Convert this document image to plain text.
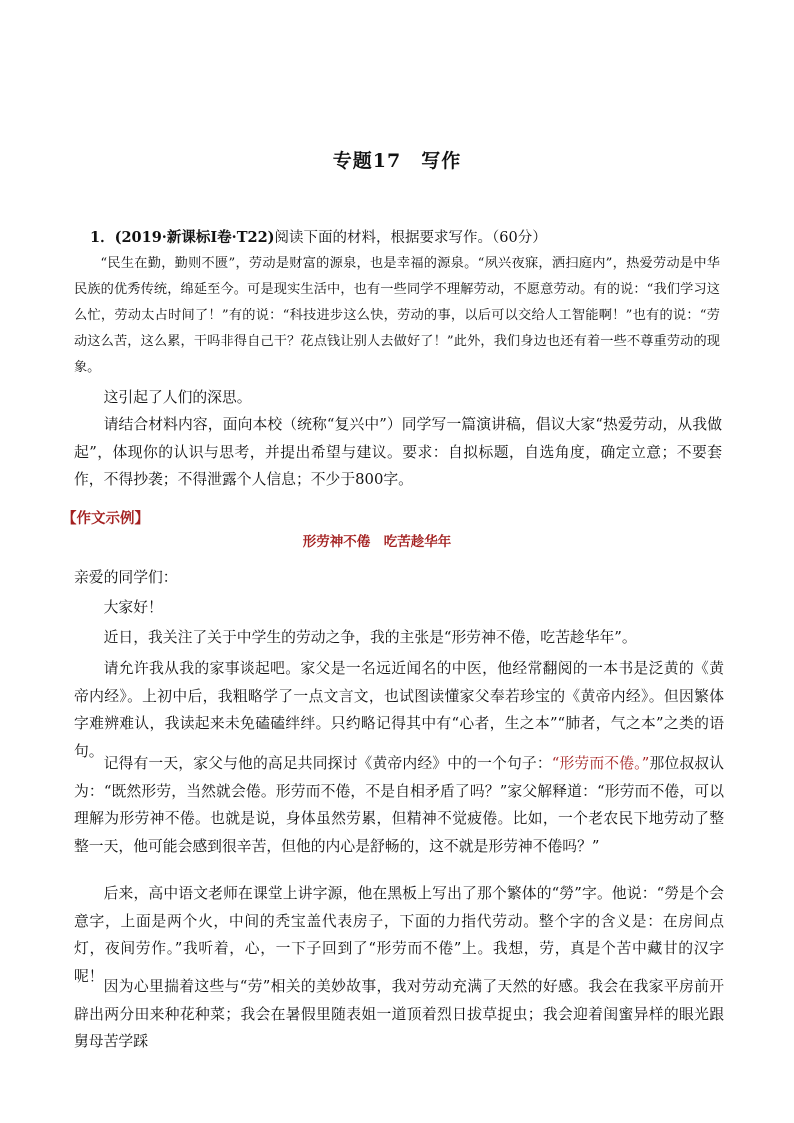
专题17　写作
1．(2019·新课标I卷·T22)阅读下面的材料，根据要求写作。（60分）
“民生在勤，勤则不匮”，劳动是财富的源泉，也是幸福的源泉。“夙兴夜寐，洒扫庭内”，热爱劳动是中华民族的优秀传统，绵延至今。可是现实生活中，也有一些同学不理解劳动，不愿意劳动。有的说：“我们学习这么忙，劳动太占时间了！”有的说：“科技进步这么快，劳动的事，以后可以交给人工智能啊！”也有的说：“劳动这么苦，这么累，干吗非得自己干？花点钱让别人去做好了！”此外，我们身边也还有着一些不尊重劳动的现象。
这引起了人们的深思。
请结合材料内容，面向本校（统称“复兴中”）同学写一篇演讲稿，倡议大家“热爱劳动，从我做起”，体现你的认识与思考，并提出希望与建议。要求：自拟标题，自选角度，确定立意；不要套作，不得抄袭；不得泄露个人信息；不少于800字。
【作文示例】
形劳神不倦　吃苦趁华年
亲爱的同学们：
大家好！
近日，我关注了关于中学生的劳动之争，我的主张是“形劳神不倦，吃苦趁华年”。
请允许我从我的家事谈起吧。家父是一名远近闻名的中医，他经常翻阅的一本书是泛黄的《黄帝内经》。上初中后，我粗略学了一点文言文，也试图读懂家父奉若珍宝的《黄帝内经》。但因繁体字难辨难认，我读起来未免磕磕绊绊。只约略记得其中有“心者，生之本”“肺者，气之本”之类的语句。
记得有一天，家父与他的高足共同探讨《黄帝内经》中的一个句子：“形劳而不倦。”那位叔叔认为：“既然形劳，当然就会倦。形劳而不倦，不是自相矛盾了吗？”家父解释道：“形劳而不倦，可以理解为形劳神不倦。也就是说，身体虽然劳累，但精神不觉疲倦。比如，一个老农民下地劳动了整整一天，他可能会感到很辛苦，但他的内心是舒畅的，这不就是形劳神不倦吗？”
后来，高中语文老师在课堂上讲字源，他在黑板上写出了那个繁体的“勞”字。他说：“勞是个会意字，上面是两个火，中间的秃宝盖代表房子，下面的力指代劳动。整个字的含义是：在房间点灯，夜间劳作。”我听着，心，一下子回到了“形劳而不倦”上。我想，劳，真是个苦中藏甘的汉字呢！
因为心里揣着这些与“劳”相关的美妙故事，我对劳动充满了天然的好感。我会在我家平房前开辟出两分田来种花种菜；我会在暑假里随表姐一道顶着烈日拔草捉虫；我会迎着闺蜜异样的眼光跟舅母苦学踩
